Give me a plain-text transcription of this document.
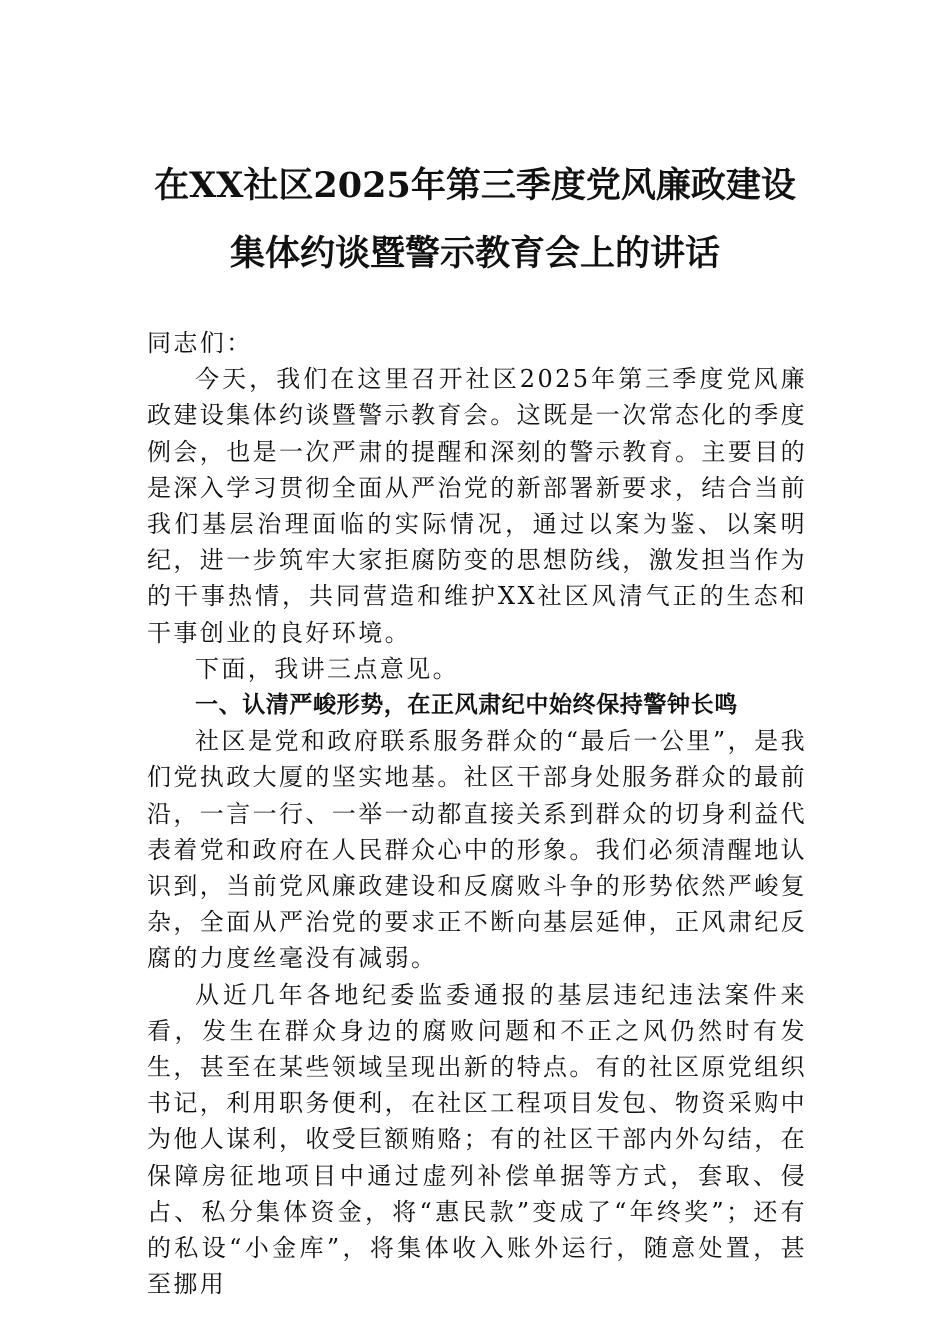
在XX社区2025年第三季度党风廉政建设
集体约谈暨警示教育会上的讲话

同志们：

今天，我们在这里召开社区2025年第三季度党风廉政建设集体约谈暨警示教育会。这既是一次常态化的季度例会，也是一次严肃的提醒和深刻的警示教育。主要目的是深入学习贯彻全面从严治党的新部署新要求，结合当前我们基层治理面临的实际情况，通过以案为鉴、以案明纪，进一步筑牢大家拒腐防变的思想防线，激发担当作为的干事热情，共同营造和维护XX社区风清气正的生态和干事创业的良好环境。

下面，我讲三点意见。

一、认清严峻形势，在正风肃纪中始终保持警钟长鸣

社区是党和政府联系服务群众的“最后一公里”，是我们党执政大厦的坚实地基。社区干部身处服务群众的最前沿，一言一行、一举一动都直接关系到群众的切身利益代表着党和政府在人民群众心中的形象。我们必须清醒地认识到，当前党风廉政建设和反腐败斗争的形势依然严峻复杂，全面从严治党的要求正不断向基层延伸，正风肃纪反腐的力度丝毫没有减弱。

从近几年各地纪委监委通报的基层违纪违法案件来看，发生在群众身边的腐败问题和不正之风仍然时有发生，甚至在某些领域呈现出新的特点。有的社区原党组织书记，利用职务便利，在社区工程项目发包、物资采购中为他人谋利，收受巨额贿赂；有的社区干部内外勾结，在保障房征地项目中通过虚列补偿单据等方式，套取、侵占、私分集体资金，将“惠民款”变成了“年终奖”；还有的私设“小金库”，将集体收入账外运行，随意处置，甚至挪用
